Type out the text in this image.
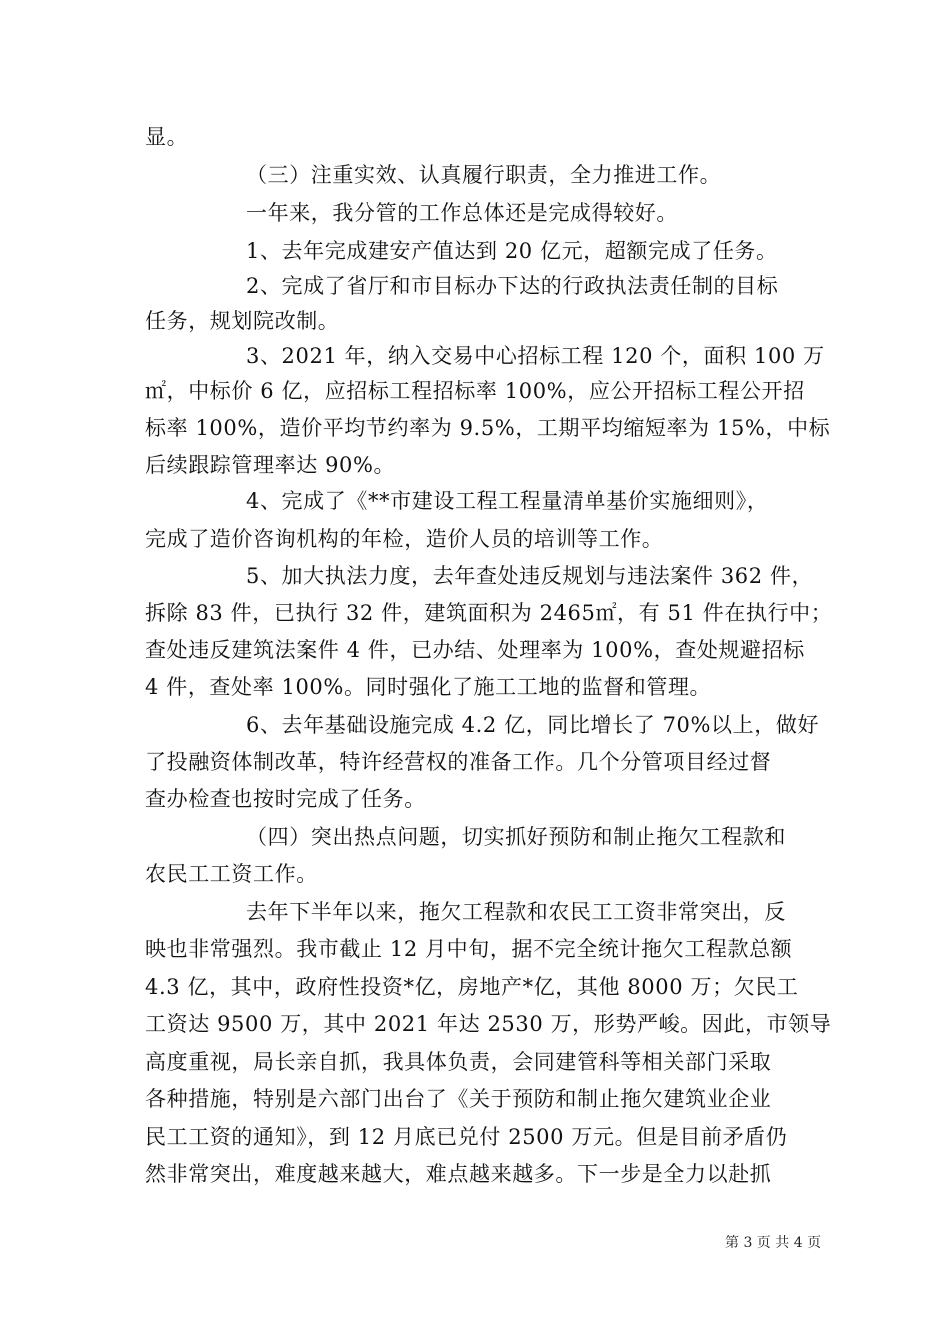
显。
（三）注重实效、认真履行职责，全力推进工作。
一年来，我分管的工作总体还是完成得较好。
1、去年完成建安产值达到 20 亿元，超额完成了任务。
2、完成了省厅和市目标办下达的行政执法责任制的目标
任务，规划院改制。
3、2021 年，纳入交易中心招标工程 120 个，面积 100 万
㎡，中标价 6 亿，应招标工程招标率 100%，应公开招标工程公开招
标率 100%，造价平均节约率为 9.5%，工期平均缩短率为 15%，中标
后续跟踪管理率达 90%。
4、完成了《**市建设工程工程量清单基价实施细则》，
完成了造价咨询机构的年检，造价人员的培训等工作。
5、加大执法力度，去年查处违反规划与违法案件 362 件，
拆除 83 件，已执行 32 件，建筑面积为 2465㎡，有 51 件在执行中；
查处违反建筑法案件 4 件，已办结、处理率为 100%，查处规避招标
4 件，查处率 100%。同时强化了施工工地的监督和管理。
6、去年基础设施完成 4.2 亿，同比增长了 70%以上，做好
了投融资体制改革，特许经营权的准备工作。几个分管项目经过督
查办检查也按时完成了任务。
（四）突出热点问题，切实抓好预防和制止拖欠工程款和
农民工工资工作。
去年下半年以来，拖欠工程款和农民工工资非常突出，反
映也非常强烈。我市截止 12 月中旬，据不完全统计拖欠工程款总额
4.3 亿，其中，政府性投资*亿，房地产*亿，其他 8000 万；欠民工
工资达 9500 万，其中 2021 年达 2530 万，形势严峻。因此，市领导
高度重视，局长亲自抓，我具体负责，会同建管科等相关部门采取
各种措施，特别是六部门出台了《关于预防和制止拖欠建筑业企业
民工工资的通知》，到 12 月底已兑付 2500 万元。但是目前矛盾仍
然非常突出，难度越来越大，难点越来越多。下一步是全力以赴抓
第 3 页 共 4 页
